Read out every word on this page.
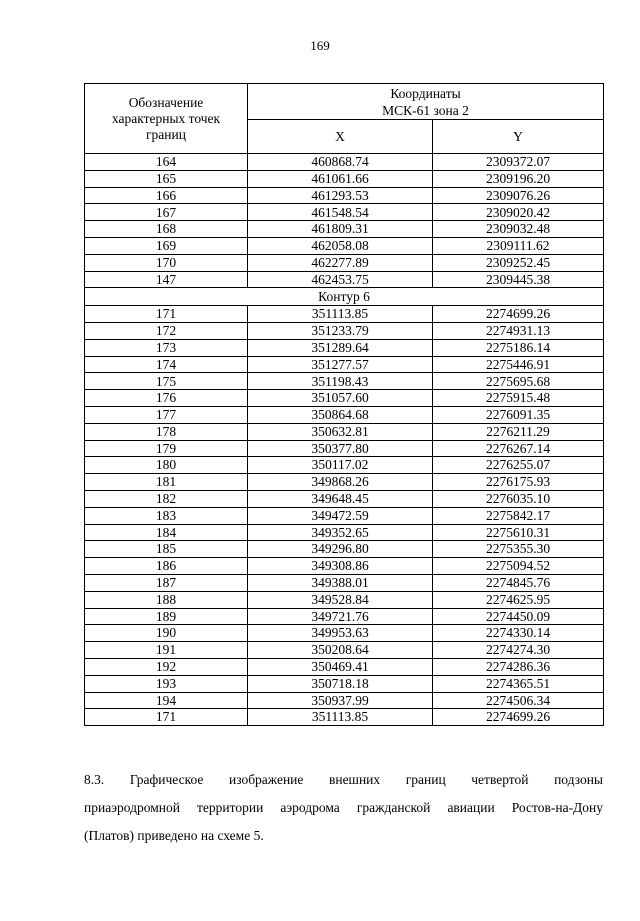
169
Обозначение характерных точек границ	Координаты
МСК-61 зона 2	
	X	Y
164	460868.74	2309372.07
165	461061.66	2309196.20
166	461293.53	2309076.26
167	461548.54	2309020.42
168	461809.31	2309032.48
169	462058.08	2309111.62
170	462277.89	2309252.45
147	462453.75	2309445.38
Контур 6		
171	351113.85	2274699.26
172	351233.79	2274931.13
173	351289.64	2275186.14
174	351277.57	2275446.91
175	351198.43	2275695.68
176	351057.60	2275915.48
177	350864.68	2276091.35
178	350632.81	2276211.29
179	350377.80	2276267.14
180	350117.02	2276255.07
181	349868.26	2276175.93
182	349648.45	2276035.10
183	349472.59	2275842.17
184	349352.65	2275610.31
185	349296.80	2275355.30
186	349308.86	2275094.52
187	349388.01	2274845.76
188	349528.84	2274625.95
189	349721.76	2274450.09
190	349953.63	2274330.14
191	350208.64	2274274.30
192	350469.41	2274286.36
193	350718.18	2274365.51
194	350937.99	2274506.34
171	351113.85	2274699.26
8.3. Графическое изображение внешних границ четвертой подзоны
приаэродромной территории аэродрома гражданской авиации Ростов-на-Дону
(Платов) приведено на схеме 5.
